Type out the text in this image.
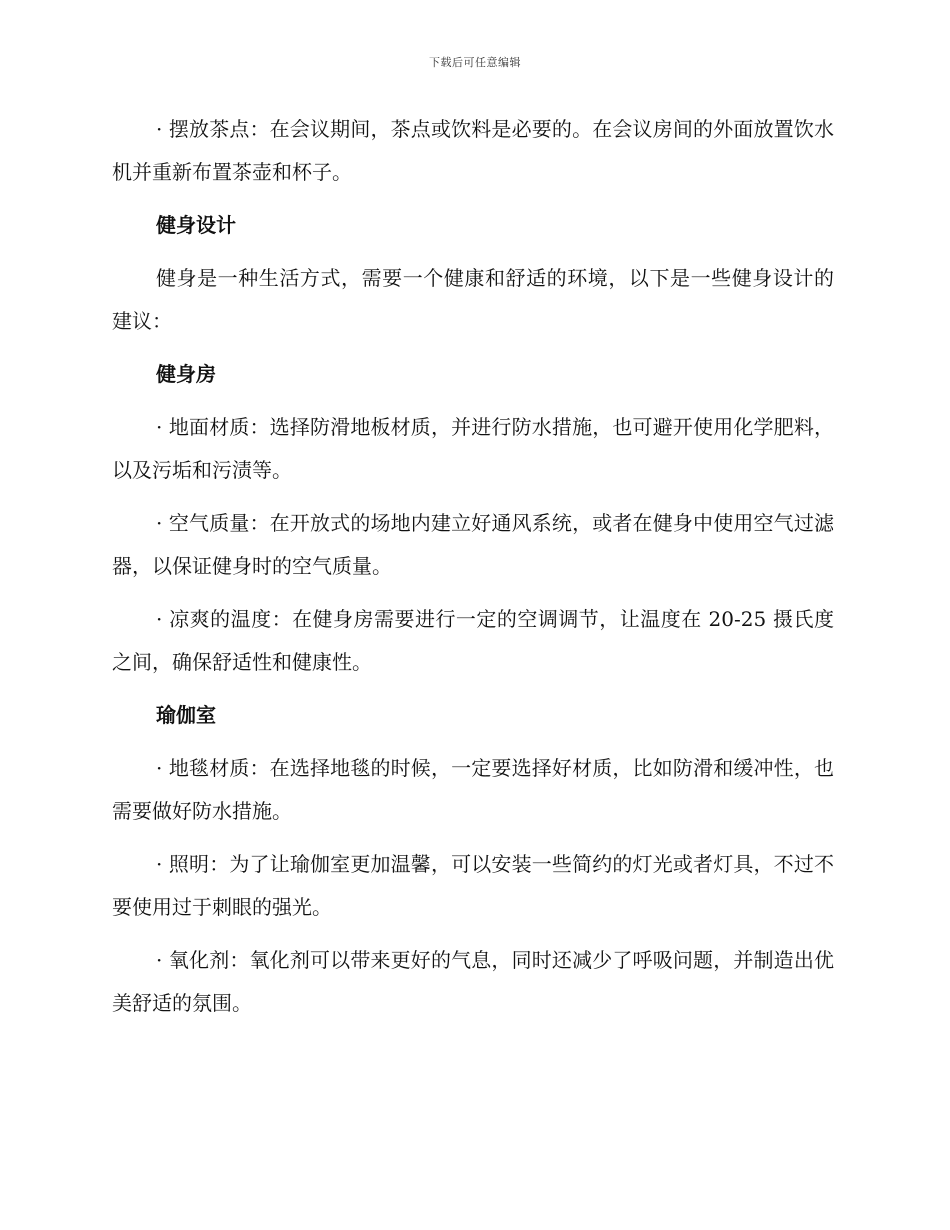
下载后可任意编辑

· 摆放茶点：在会议期间，茶点或饮料是必要的。在会议房间的外面放置饮水机并重新布置茶壶和杯子。

健身设计

健身是一种生活方式，需要一个健康和舒适的环境，以下是一些健身设计的建议：

健身房

· 地面材质：选择防滑地板材质，并进行防水措施，也可避开使用化学肥料，以及污垢和污渍等。

· 空气质量：在开放式的场地内建立好通风系统，或者在健身中使用空气过滤器，以保证健身时的空气质量。

· 凉爽的温度：在健身房需要进行一定的空调调节，让温度在 20-25 摄氏度之间，确保舒适性和健康性。

瑜伽室

· 地毯材质：在选择地毯的时候，一定要选择好材质，比如防滑和缓冲性，也需要做好防水措施。

· 照明：为了让瑜伽室更加温馨，可以安装一些简约的灯光或者灯具，不过不要使用过于刺眼的强光。

· 氧化剂：氧化剂可以带来更好的气息，同时还减少了呼吸问题，并制造出优美舒适的氛围。
